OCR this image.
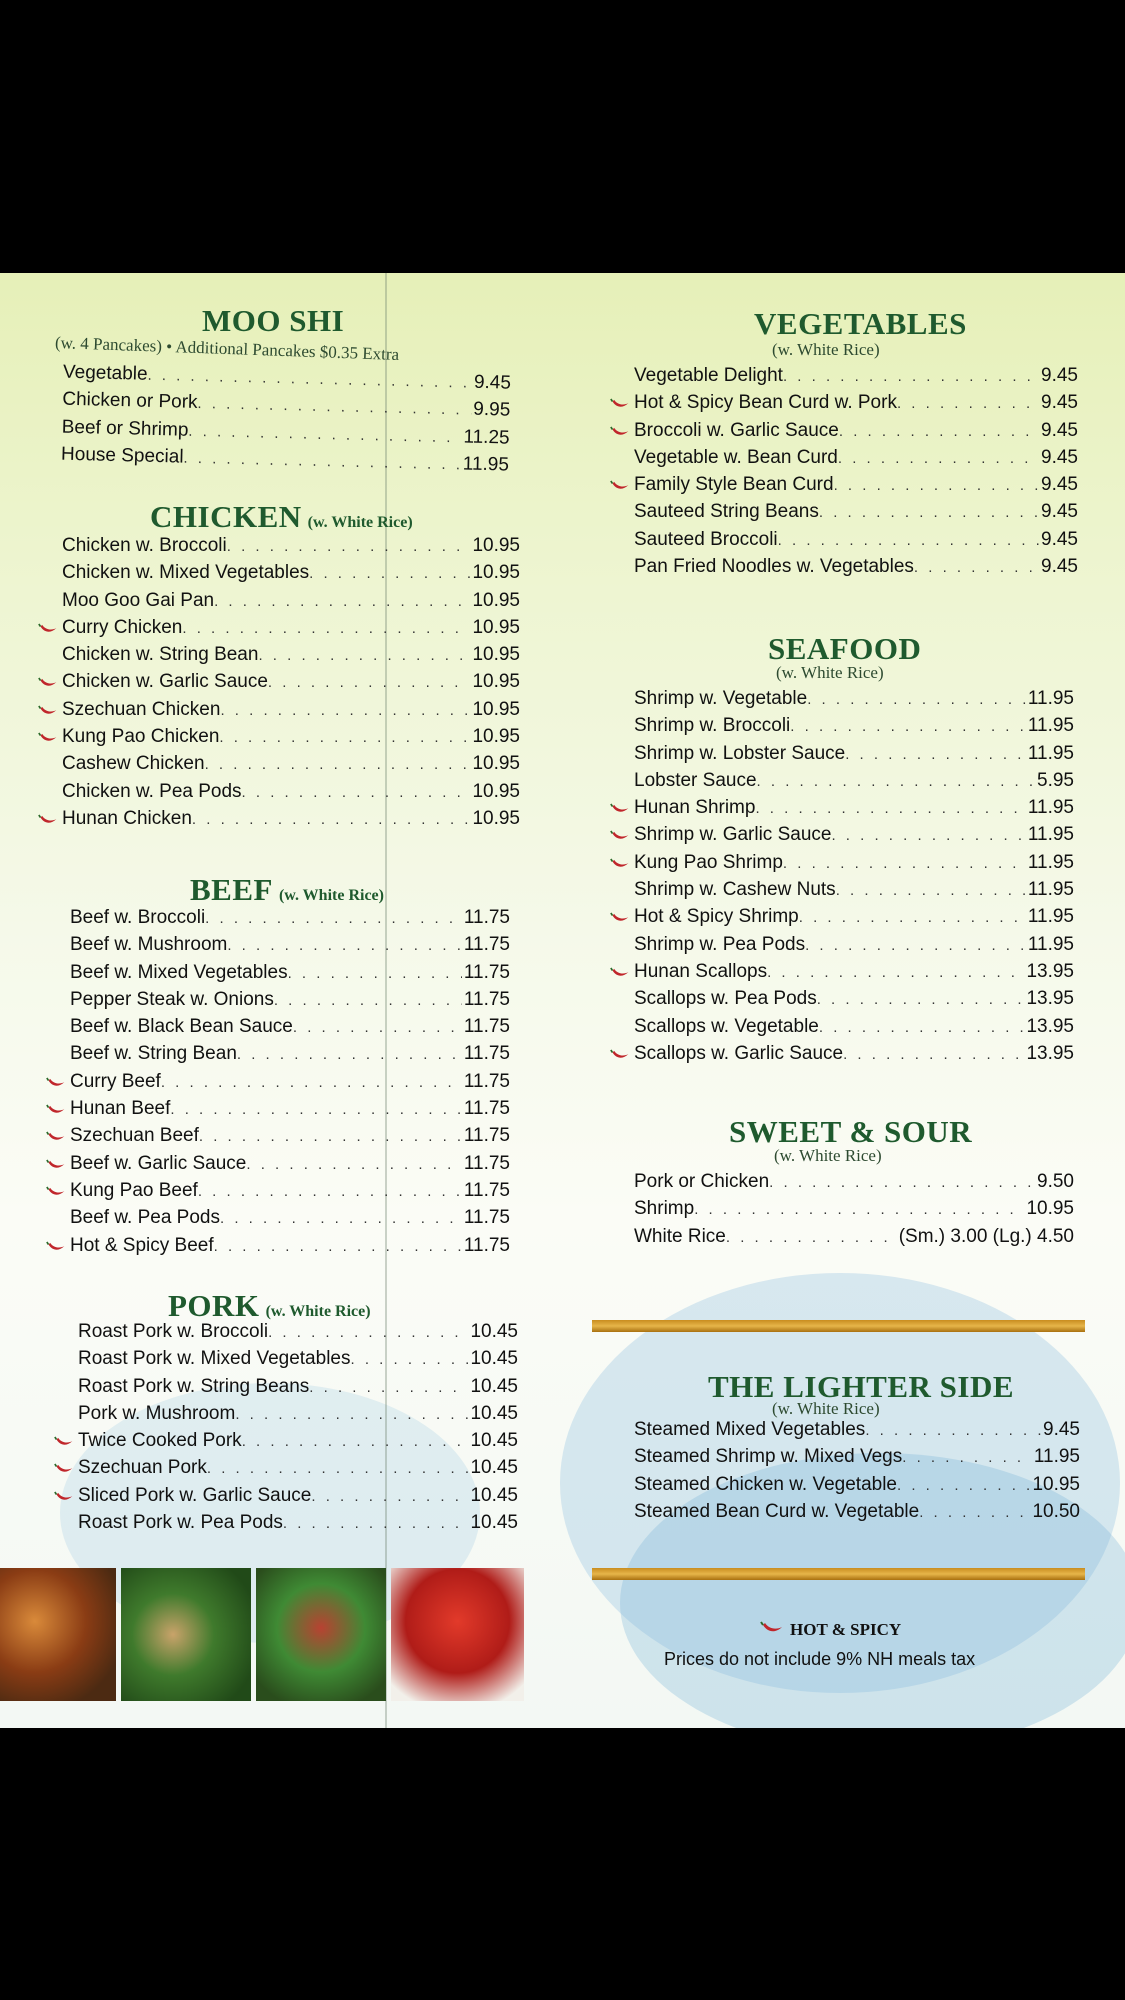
MOO SHI
(w. 4 Pancakes) • Additional Pancakes $0.35 Extra
Vegetable . . .	9.45
Chicken or Pork . . .	9.95
Beef or Shrimp . . .	11.25
House Special . . .	11.95
CHICKEN (w. White Rice)
Chicken w. Broccoli . . .	10.95
Chicken w. Mixed Vegetables . . .	10.95
Moo Goo Gai Pan . . .	10.95
Curry Chicken . . .	10.95
Chicken w. String Bean . . .	10.95
Chicken w. Garlic Sauce . . .	10.95
Szechuan Chicken . . .	10.95
Kung Pao Chicken . . .	10.95
Cashew Chicken . . .	10.95
Chicken w. Pea Pods . . .	10.95
Hunan Chicken . . .	10.95
BEEF (w. White Rice)
Beef w. Broccoli . . .	11.75
Beef w. Mushroom . . .	11.75
Beef w. Mixed Vegetables . . .	11.75
Pepper Steak w. Onions . . .	11.75
Beef w. Black Bean Sauce . . .	11.75
Beef w. String Bean . . .	11.75
Curry Beef . . .	11.75
Hunan Beef . . .	11.75
Szechuan Beef . . .	11.75
Beef w. Garlic Sauce . . .	11.75
Kung Pao Beef . . .	11.75
Beef w. Pea Pods . . .	11.75
Hot & Spicy Beef . . .	11.75
PORK (w. White Rice)
Roast Pork w. Broccoli . . .	10.45
Roast Pork w. Mixed Vegetables . . .	10.45
Roast Pork w. String Beans . . .	10.45
Pork w. Mushroom . . .	10.45
Twice Cooked Pork . . .	10.45
Szechuan Pork . . .	10.45
Sliced Pork w. Garlic Sauce . . .	10.45
Roast Pork w. Pea Pods . . .	10.45
VEGETABLES
(w. White Rice)
Vegetable Delight . . .	9.45
Hot & Spicy Bean Curd w. Pork . . .	9.45
Broccoli w. Garlic Sauce . . .	9.45
Vegetable w. Bean Curd . . .	9.45
Family Style Bean Curd . . .	9.45
Sauteed String Beans . . .	9.45
Sauteed Broccoli . . .	9.45
Pan Fried Noodles w. Vegetables . . .	9.45
SEAFOOD
(w. White Rice)
Shrimp w. Vegetable . . .	11.95
Shrimp w. Broccoli . . .	11.95
Shrimp w. Lobster Sauce . . .	11.95
Lobster Sauce . . .	5.95
Hunan Shrimp . . .	11.95
Shrimp w. Garlic Sauce . . .	11.95
Kung Pao Shrimp . . .	11.95
Shrimp w. Cashew Nuts . . .	11.95
Hot & Spicy Shrimp . . .	11.95
Shrimp w. Pea Pods . . .	11.95
Hunan Scallops . . .	13.95
Scallops w. Pea Pods . . .	13.95
Scallops w. Vegetable . . .	13.95
Scallops w. Garlic Sauce . . .	13.95
SWEET & SOUR
(w. White Rice)
Pork or Chicken . . .	9.50
Shrimp . . .	10.95
White Rice . . .	(Sm.) 3.00 (Lg.) 4.50
THE LIGHTER SIDE
(w. White Rice)
Steamed Mixed Vegetables . . .	9.45
Steamed Shrimp w. Mixed Vegs . . .	11.95
Steamed Chicken w. Vegetable . . .	10.95
Steamed Bean Curd w. Vegetable . . .	10.50
HOT & SPICY
Prices do not include 9% NH meals tax
